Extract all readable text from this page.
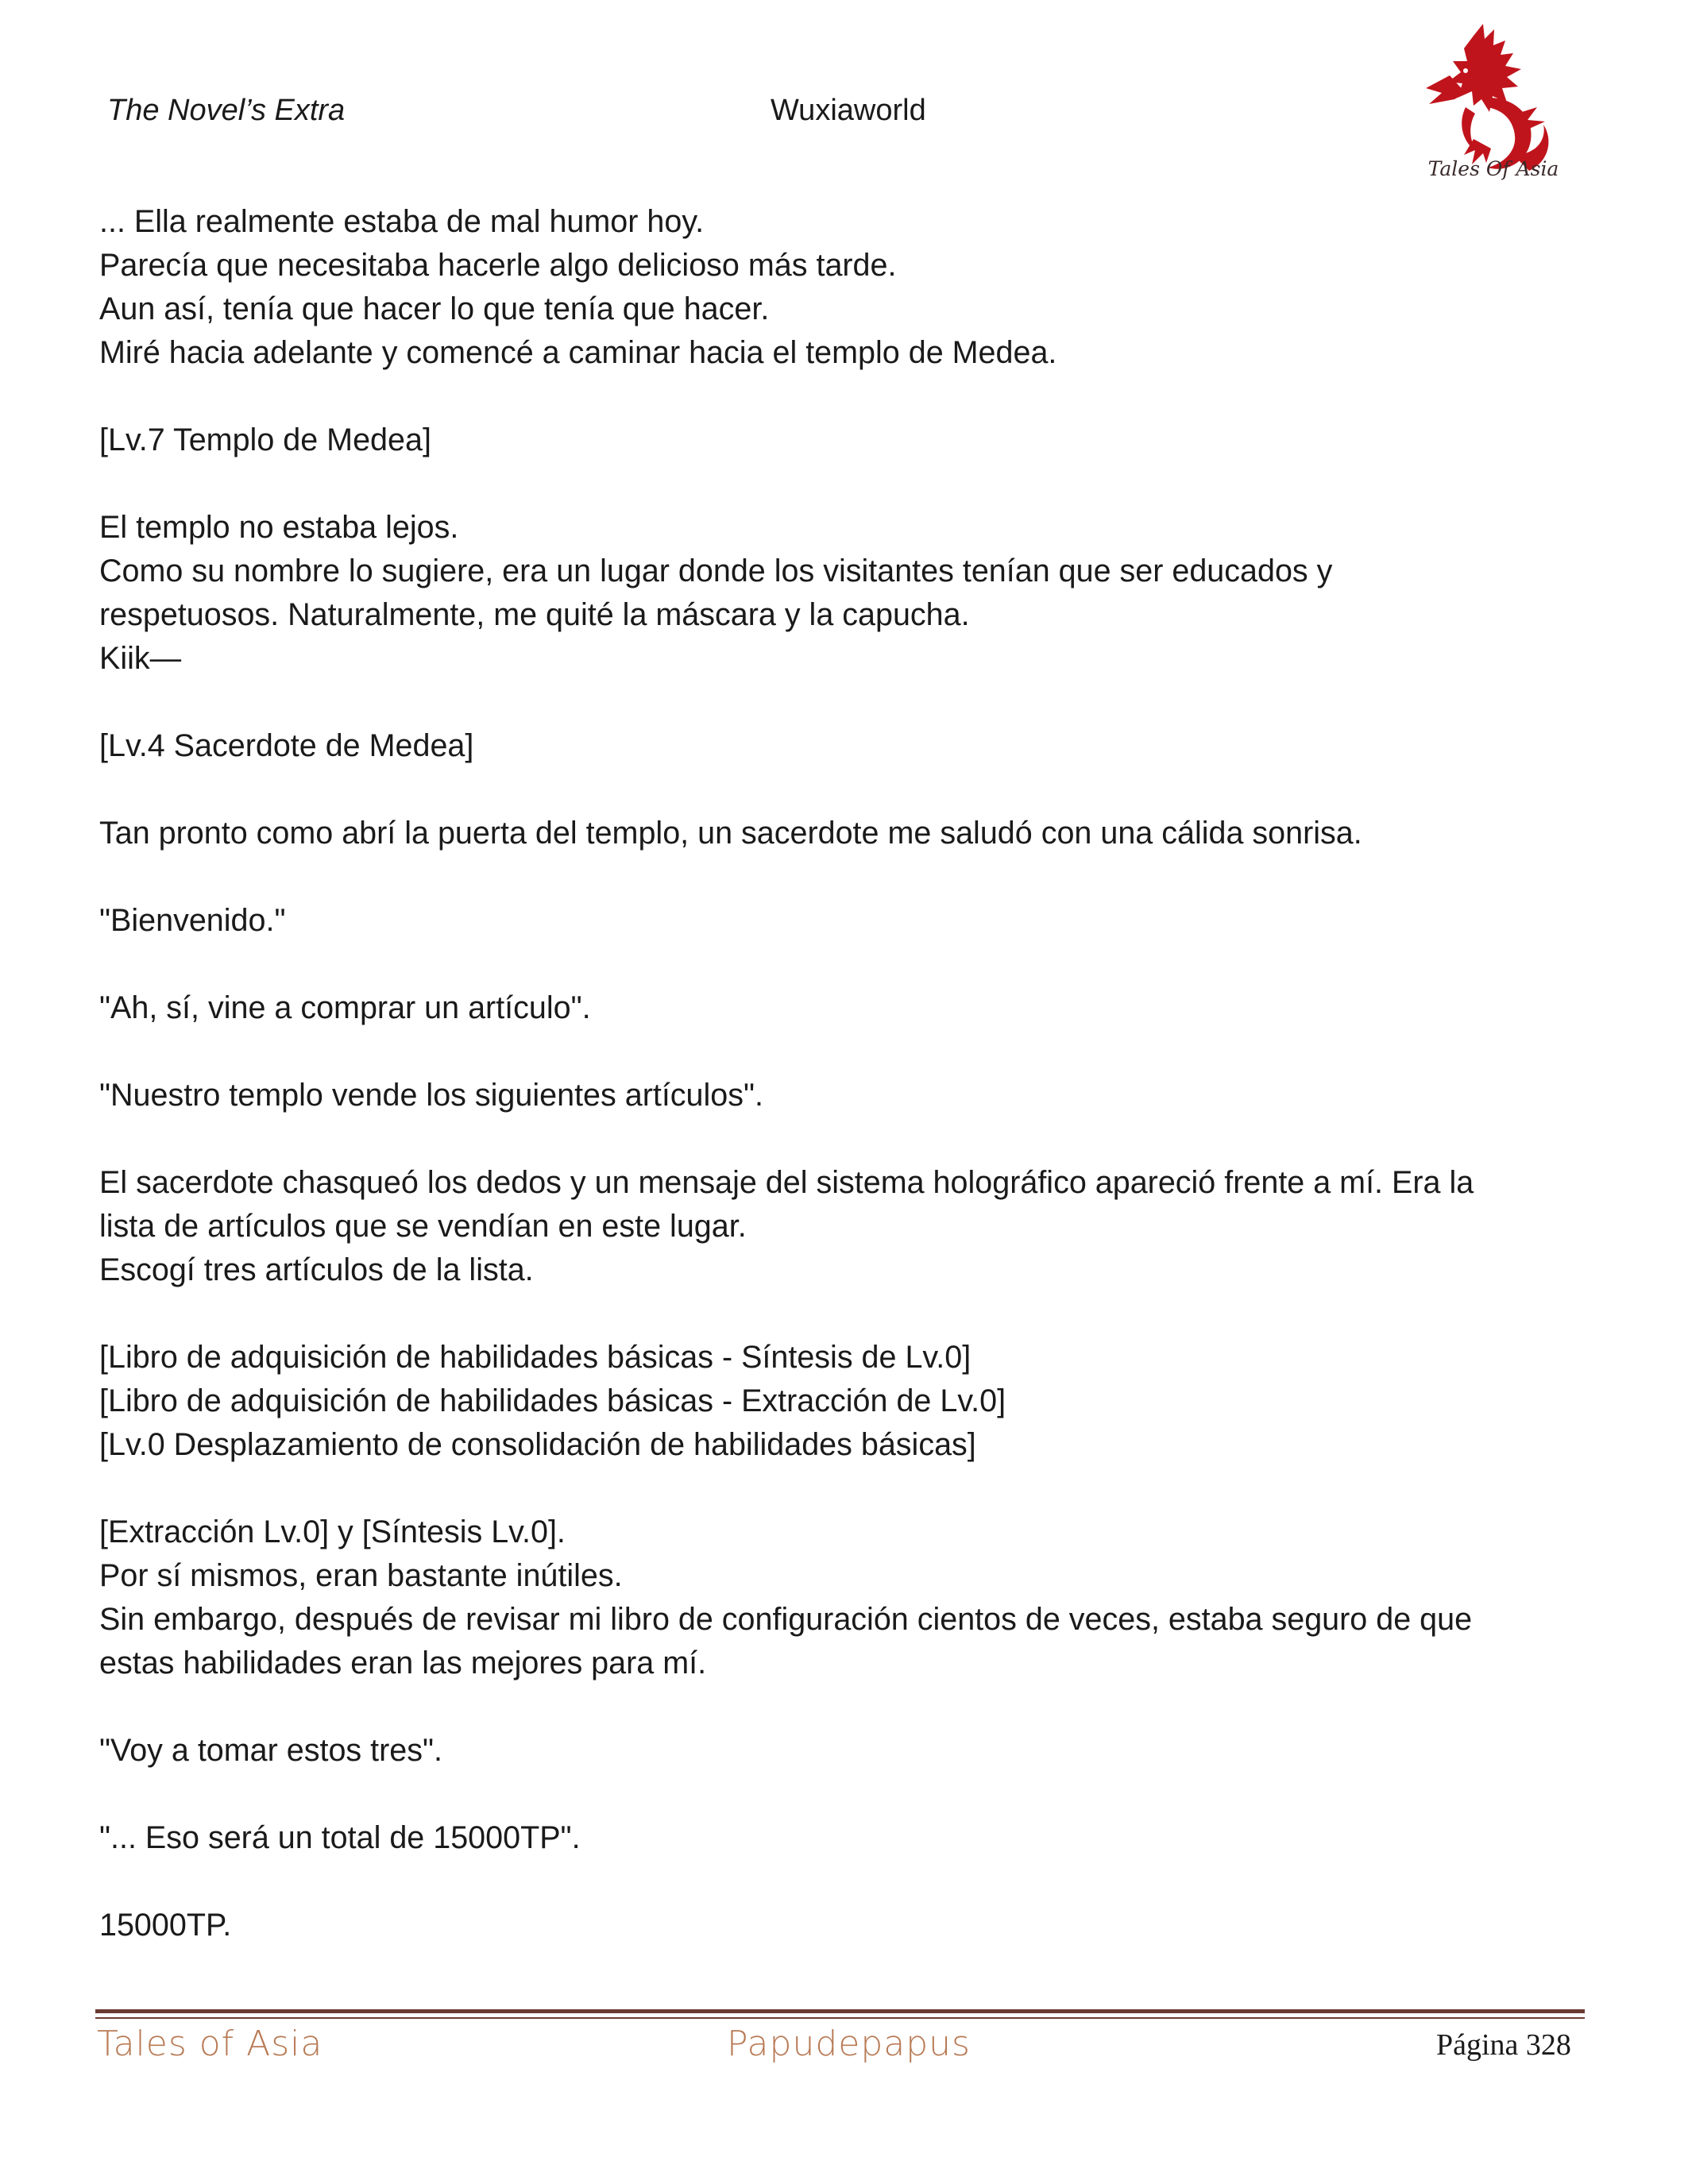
The Novel’s Extra	Wuxiaworld
Tales Of Asia

... Ella realmente estaba de mal humor hoy.

Parecía que necesitaba hacerle algo delicioso más tarde.

Aun así, tenía que hacer lo que tenía que hacer.

Miré hacia adelante y comencé a caminar hacia el templo de Medea.

[Lv.7 Templo de Medea]

El templo no estaba lejos.

Como su nombre lo sugiere, era un lugar donde los visitantes tenían que ser educados y

respetuosos. Naturalmente, me quité la máscara y la capucha.

Kiik—

[Lv.4 Sacerdote de Medea]

Tan pronto como abrí la puerta del templo, un sacerdote me saludó con una cálida sonrisa.

"Bienvenido."

"Ah, sí, vine a comprar un artículo".

"Nuestro templo vende los siguientes artículos".

El sacerdote chasqueó los dedos y un mensaje del sistema holográfico apareció frente a mí. Era la

lista de artículos que se vendían en este lugar.

Escogí tres artículos de la lista.

[Libro de adquisición de habilidades básicas - Síntesis de Lv.0]

[Libro de adquisición de habilidades básicas - Extracción de Lv.0]

[Lv.0 Desplazamiento de consolidación de habilidades básicas]

[Extracción Lv.0] y [Síntesis Lv.0].

Por sí mismos, eran bastante inútiles.

Sin embargo, después de revisar mi libro de configuración cientos de veces, estaba seguro de que

estas habilidades eran las mejores para mí.

"Voy a tomar estos tres".

"... Eso será un total de 15000TP".

15000TP.

Tales of Asia	Papudepapus	Página 328
